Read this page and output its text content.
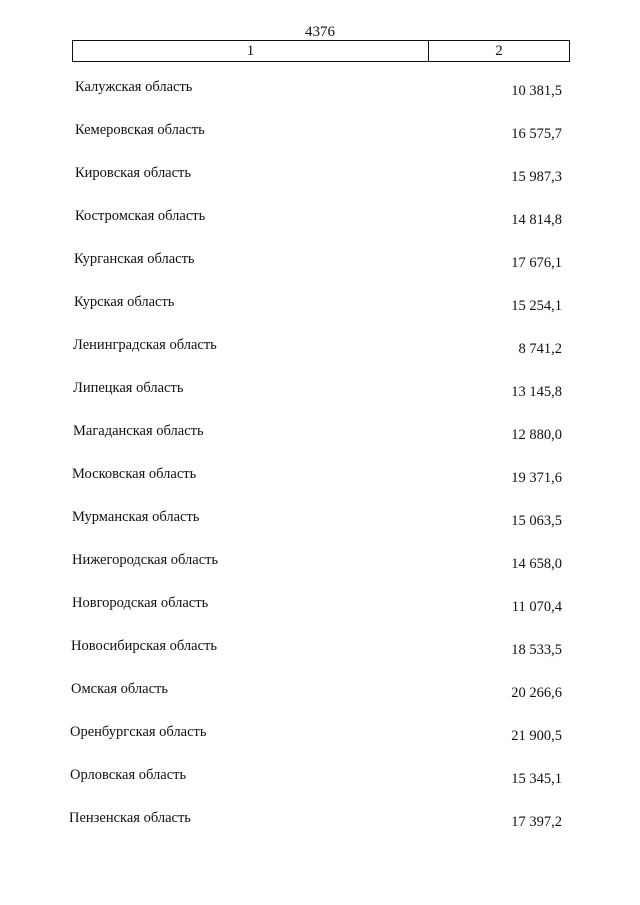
4376
1	2
Калужская область	10 381,5
Кемеровская область	16 575,7
Кировская область	15 987,3
Костромская область	14 814,8
Курганская область	17 676,1
Курская область	15 254,1
Ленинградская область	8 741,2
Липецкая область	13 145,8
Магаданская область	12 880,0
Московская область	19 371,6
Мурманская область	15 063,5
Нижегородская область	14 658,0
Новгородская область	11 070,4
Новосибирская область	18 533,5
Омская область	20 266,6
Оренбургская область	21 900,5
Орловская область	15 345,1
Пензенская область	17 397,2
